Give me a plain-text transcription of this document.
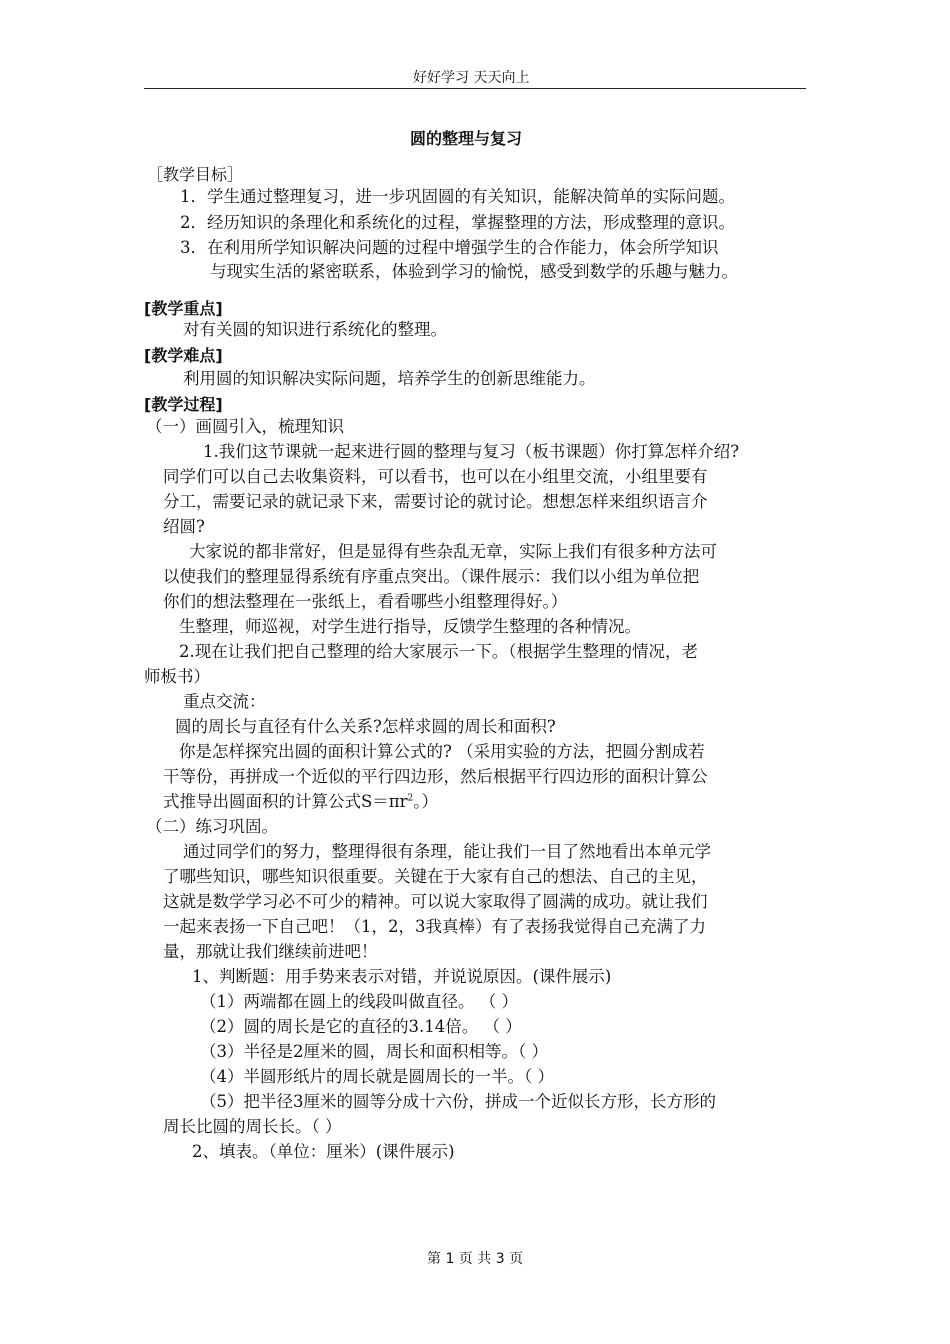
好好学习 天天向上
圆的整理与复习
［教学目标］
1．学生通过整理复习，进一步巩固圆的有关知识，能解决简单的实际问题。
2．经历知识的条理化和系统化的过程，掌握整理的方法，形成整理的意识。
3．在利用所学知识解决问题的过程中增强学生的合作能力，体会所学知识
与现实生活的紧密联系，体验到学习的愉悦，感受到数学的乐趣与魅力。
[教学重点]
对有关圆的知识进行系统化的整理。
[教学难点]
利用圆的知识解决实际问题，培养学生的创新思维能力。
[教学过程]
（一）画圆引入，梳理知识
1.我们这节课就一起来进行圆的整理与复习（板书课题）你打算怎样介绍?
同学们可以自己去收集资料，可以看书，也可以在小组里交流，小组里要有
分工，需要记录的就记录下来，需要讨论的就讨论。想想怎样来组织语言介
绍圆?
大家说的都非常好，但是显得有些杂乱无章，实际上我们有很多种方法可
以使我们的整理显得系统有序重点突出。（课件展示：我们以小组为单位把
你们的想法整理在一张纸上，看看哪些小组整理得好。）
生整理，师巡视，对学生进行指导，反馈学生整理的各种情况。
2.现在让我们把自己整理的给大家展示一下。（根据学生整理的情况，老
师板书）
重点交流：
圆的周长与直径有什么关系?怎样求圆的周长和面积?
你是怎样探究出圆的面积计算公式的? （采用实验的方法，把圆分割成若
干等份，再拼成一个近似的平行四边形，然后根据平行四边形的面积计算公
式推导出圆面积的计算公式$S=\pi r^2$。）
（二）练习巩固。
通过同学们的努力，整理得很有条理，能让我们一目了然地看出本单元学
了哪些知识，哪些知识很重要。关键在于大家有自己的想法、自己的主见，
这就是数学学习必不可少的精神。可以说大家取得了圆满的成功。就让我们
一起来表扬一下自己吧！（1，2，3我真棒）有了表扬我觉得自己充满了力
量，那就让我们继续前进吧！
1、判断题：用手势来表示对错，并说说原因。(课件展示)
（1）两端都在圆上的线段叫做直径。 （ ）
（2）圆的周长是它的直径的3.14倍。 （ ）
（3）半径是2厘米的圆，周长和面积相等。（ ）
（4）半圆形纸片的周长就是圆周长的一半。（ ）
（5）把半径3厘米的圆等分成十六份，拼成一个近似长方形，长方形的
周长比圆的周长长。（ ）
2、填表。（单位：厘米）(课件展示)
第 1 页 共 3 页
